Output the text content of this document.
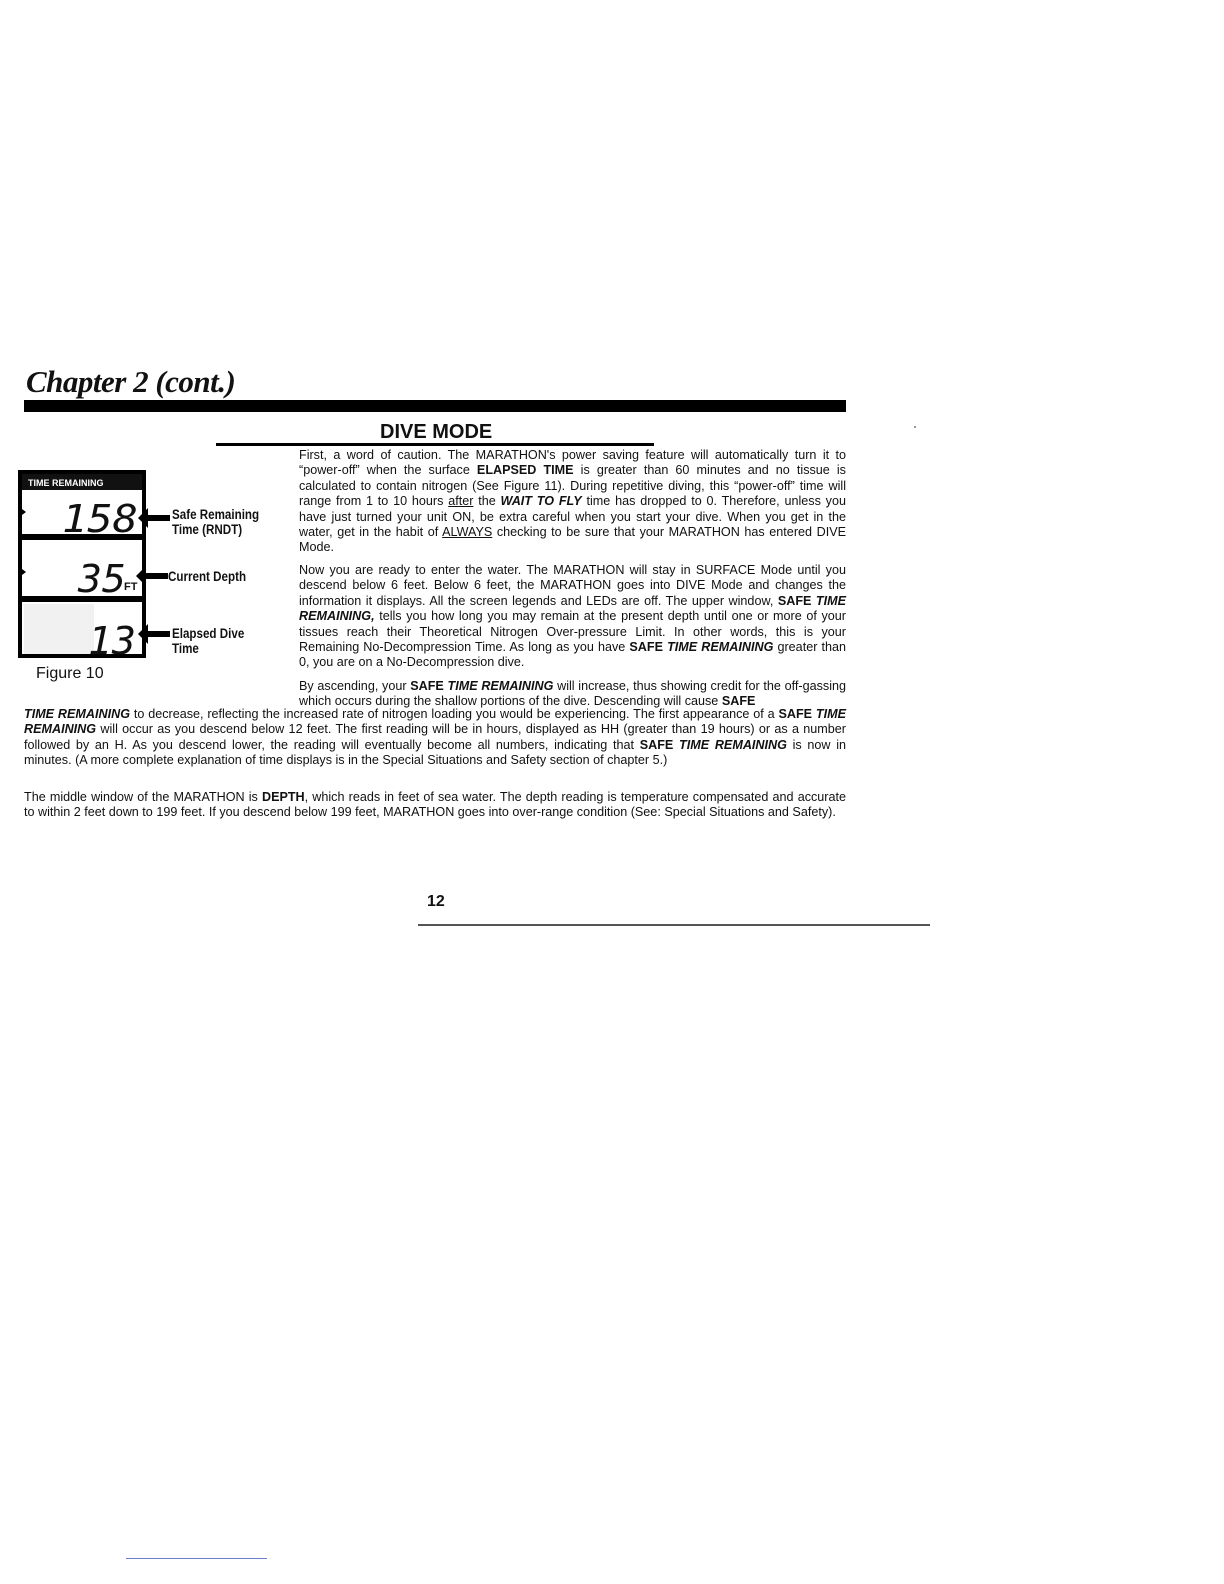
Chapter 2 (cont.)
DIVE MODE
TIME REMAINING
158
35
FT
13
Safe Remaining
Time (RNDT)
Current Depth
Elapsed Dive
Time

Figure 10

First, a word of caution. The MARATHON's power saving feature will automatically turn it to “power-off” when the surface ELAPSED TIME is greater than 60 minutes and no tissue is calculated to contain nitrogen (See Figure 11). During repetitive diving, this “power-off” time will range from 1 to 10 hours after the WAIT TO FLY time has dropped to 0. Therefore, unless you have just turned your unit ON, be extra careful when you start your dive. When you get in the water, get in the habit of ALWAYS checking to be sure that your MARATHON has entered DIVE Mode.

Now you are ready to enter the water. The MARATHON will stay in SURFACE Mode until you descend below 6 feet. Below 6 feet, the MARATHON goes into DIVE Mode and changes the information it displays. All the screen legends and LEDs are off. The upper window, SAFE TIME REMAINING, tells you how long you may remain at the present depth until one or more of your tissues reach their Theoretical Nitrogen Over-pressure Limit. In other words, this is your Remaining No-Decompression Time. As long as you have SAFE TIME REMAINING greater than 0, you are on a No-Decompression dive.

By ascending, your SAFE TIME REMAINING will increase, thus showing credit for the off-gassing which occurs during the shallow portions of the dive. Descending will cause SAFE

TIME REMAINING to decrease, reflecting the increased rate of nitrogen loading you would be experiencing. The first appearance of a SAFE TIME REMAINING will occur as you descend below 12 feet. The first reading will be in hours, displayed as HH (greater than 19 hours) or as a number followed by an H. As you descend lower, the reading will eventually become all numbers, indicating that SAFE TIME REMAINING is now in minutes. (A more complete explanation of time displays is in the Special Situations and Safety section of chapter 5.)

The middle window of the MARATHON is DEPTH, which reads in feet of sea water. The depth reading is temperature compensated and accurate to within 2 feet down to 199 feet. If you descend below 199 feet, MARATHON goes into over-range condition (See: Special Situations and Safety).

12
